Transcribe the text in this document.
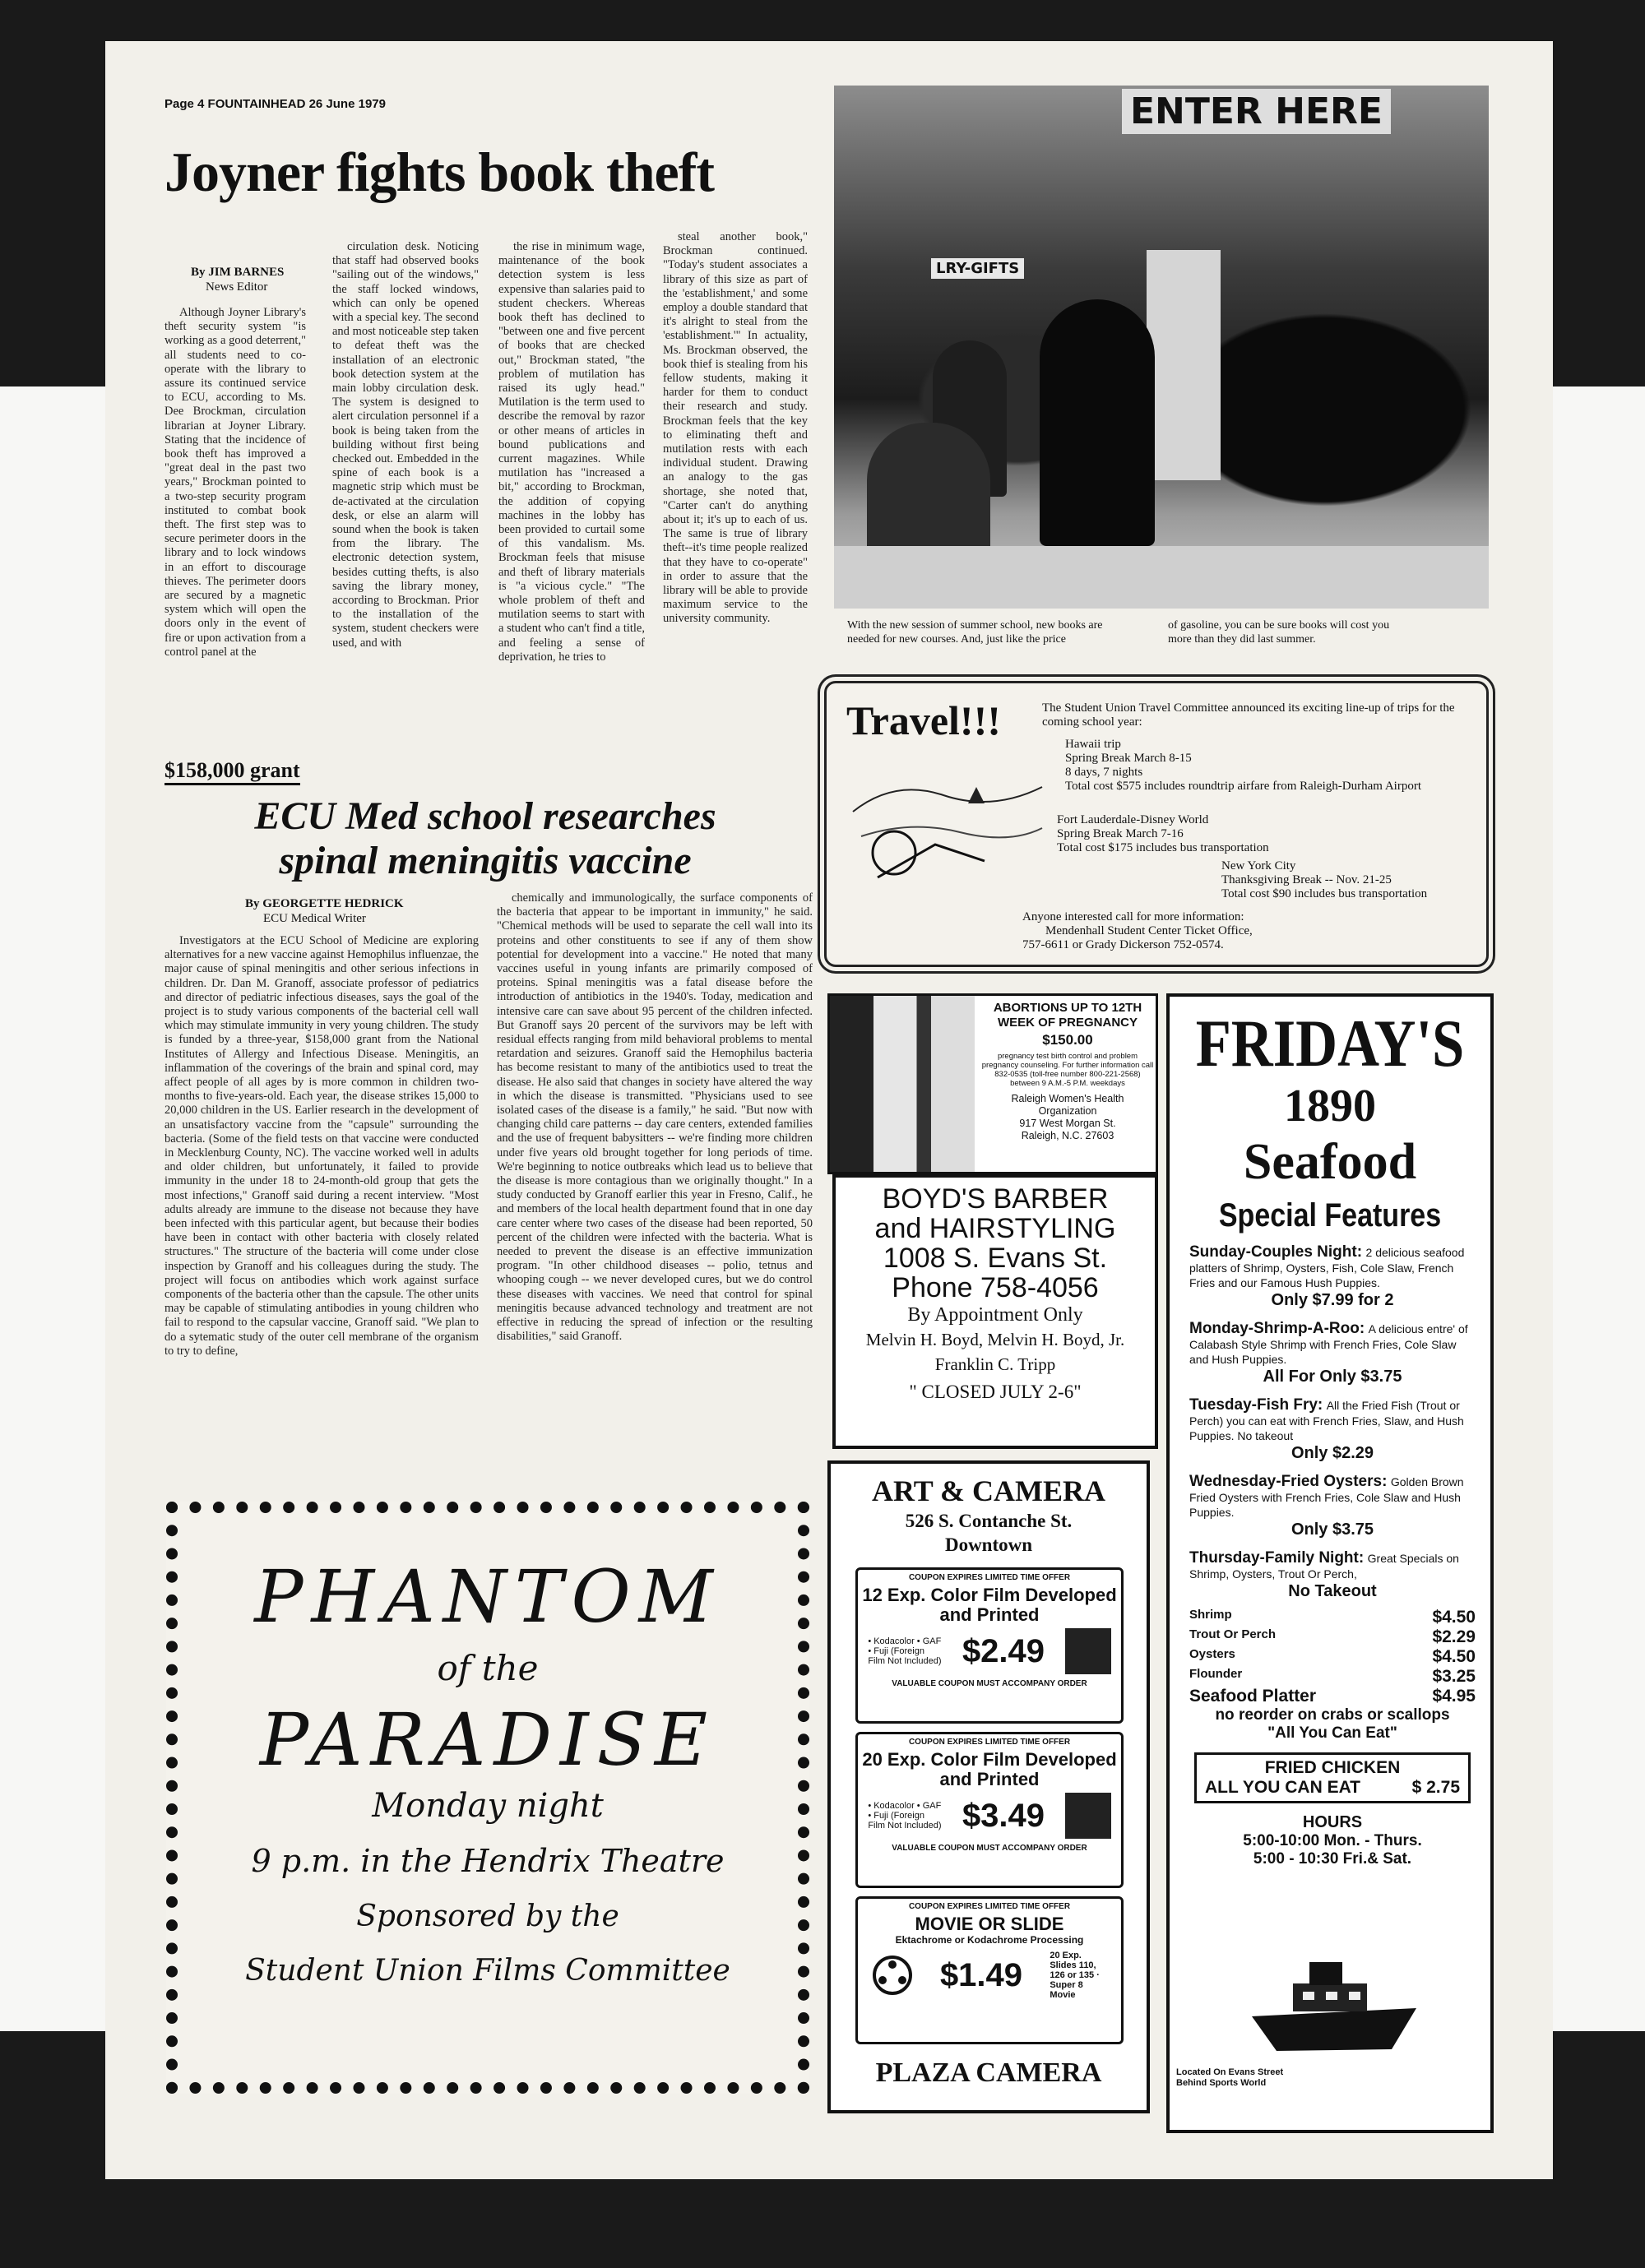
Page 4 FOUNTAINHEAD 26 June 1979
Joyner fights book theft
By JIM BARNES
News Editor

Although Joyner Library's theft security system "is working as a good deterrent," all students need to co-operate with the library to assure its continued service to ECU, according to Ms. Dee Brockman, circulation librarian at Joyner Library. Stating that the incidence of book theft has improved a "great deal in the past two years," Brockman pointed to a two-step security program instituted to combat book theft. The first step was to secure perimeter doors in the library and to lock windows in an effort to discourage thieves. The perimeter doors are secured by a magnetic system which will open the doors only in the event of fire or upon activation from a control panel at the

circulation desk. Noticing that staff had observed books "sailing out of the windows," the staff locked windows, which can only be opened with a special key. The second and most noticeable step taken to defeat theft was the installation of an electronic book detection system at the main lobby circulation desk. The system is designed to alert circulation personnel if a book is being taken from the building without first being checked out. Embedded in the spine of each book is a magnetic strip which must be de-activated at the circulation desk, or else an alarm will sound when the book is taken from the library. The electronic detection system, besides cutting thefts, is also saving the library money, according to Brockman. Prior to the installation of the system, student checkers were used, and with

the rise in minimum wage, maintenance of the book detection system is less expensive than salaries paid to student checkers. Whereas book theft has declined to "between one and five percent of books that are checked out," Brockman stated, "the problem of mutilation has raised its ugly head." Mutilation is the term used to describe the removal by razor or other means of articles in bound publications and current magazines. While mutilation has "increased a bit," according to Brockman, the addition of copying machines in the lobby has been provided to curtail some of this vandalism. Ms. Brockman feels that misuse and theft of library materials is "a vicious cycle." "The whole problem of theft and mutilation seems to start with a student who can't find a title, and feeling a sense of deprivation, he tries to

steal another book," Brockman continued. "Today's student associates a library of this size as part of the 'establishment,' and some employ a double standard that it's alright to steal from the 'establishment.'" In actuality, Ms. Brockman observed, the book thief is stealing from his fellow students, making it harder for them to conduct their research and study. Brockman feels that the key to eliminating theft and mutilation rests with each individual student. Drawing an analogy to the gas shortage, she noted that, "Carter can't do anything about it; it's up to each of us. The same is true of library theft--it's time people realized that they have to co-operate" in order to assure that the library will be able to provide maximum service to the university community.

ENTER HERE
LRY-GIFTS
With the new session of summer school, new books are needed for new courses. And, just like the price
of gasoline, you can be sure books will cost you more than they did last summer.
$158,000 grant
ECU Med school researches
spinal meningitis vaccine
By GEORGETTE HEDRICK
ECU Medical Writer

Investigators at the ECU School of Medicine are exploring alternatives for a new vaccine against Hemophilus influenzae, the major cause of spinal meningitis and other serious infections in children. Dr. Dan M. Granoff, associate professor of pediatrics and director of pediatric infectious diseases, says the goal of the project is to study various components of the bacterial cell wall which may stimulate immunity in very young children. The study is funded by a three-year, $158,000 grant from the National Institutes of Allergy and Infectious Disease. Meningitis, an inflammation of the coverings of the brain and spinal cord, may affect people of all ages by is more common in children two-months to five-years-old. Each year, the disease strikes 15,000 to 20,000 children in the US. Earlier research in the development of an unsatisfactory vaccine from the "capsule" surrounding the bacteria. (Some of the field tests on that vaccine were conducted in Mecklenburg County, NC). The vaccine worked well in adults and older children, but unfortunately, it failed to provide immunity in the under 18 to 24-month-old group that gets the most infections," Granoff said during a recent interview. "Most adults already are immune to the disease not because they have been infected with this particular agent, but because their bodies have been in contact with other bacteria with closely related structures." The structure of the bacteria will come under close inspection by Granoff and his colleagues during the study. The project will focus on antibodies which work against surface components of the bacteria other than the capsule. The other units may be capable of stimulating antibodies in young children who fail to respond to the capsular vaccine, Granoff said. "We plan to do a sytematic study of the outer cell membrane of the organism to try to define,

chemically and immunologically, the surface components of the bacteria that appear to be important in immunity," he said. "Chemical methods will be used to separate the cell wall into its proteins and other constituents to see if any of them show potential for development into a vaccine." He noted that many vaccines useful in young infants are primarily composed of proteins. Spinal meningitis was a fatal disease before the introduction of antibiotics in the 1940's. Today, medication and intensive care can save about 95 percent of the children infected. But Granoff says 20 percent of the survivors may be left with residual effects ranging from mild behavioral problems to mental retardation and seizures. Granoff said the Hemophilus bacteria has become resistant to many of the antibiotics used to treat the disease. He also said that changes in society have altered the way in which the disease is transmitted. "Physicians used to see isolated cases of the disease is a family," he said. "But now with changing child care patterns -- day care centers, extended families and the use of frequent babysitters -- we're finding more children under five years old brought together for long periods of time. We're beginning to notice outbreaks which lead us to believe that the disease is more contagious than we originally thought." In a study conducted by Granoff earlier this year in Fresno, Calif., he and members of the local health department found that in one day care center where two cases of the disease had been reported, 50 percent of the children were infected with the bacteria. What is needed to prevent the disease is an effective immunization program. "In other childhood diseases -- polio, tetnus and whooping cough -- we never developed cures, but we do control these diseases with vaccines. We need that control for spinal meningitis because advanced technology and treatment are not effective in reducing the spread of infection or the resulting disabilities," said Granoff.

Travel!!!	The Student Union Travel Committee announced its exciting line-up of trips for the coming school year:
Hawaii trip
Spring Break March 8-15
8 days, 7 nights
Total cost $575 includes roundtrip airfare from Raleigh-Durham Airport
Fort Lauderdale-Disney World
Spring Break March 7-16
Total cost $175 includes bus transportation
New York City
Thanksgiving Break -- Nov. 21-25
Total cost $90 includes bus transportation
Anyone interested call for more information:
Mendenhall Student Center Ticket Office,
757-6611 or Grady Dickerson 752-0574.
ABORTIONS UP TO 12TH WEEK OF PREGNANCY
$150.00
pregnancy test birth control and problem pregnancy counseling. For further information call 832-0535 (toll-free number 800-221-2568) between 9 A.M.-5 P.M. weekdays
Raleigh Women's Health Organization
917 West Morgan St.
Raleigh, N.C. 27603
BOYD'S BARBER
and HAIRSTYLING
1008 S. Evans St.
Phone 758-4056
By Appointment Only
Melvin H. Boyd, Melvin H. Boyd, Jr.
Franklin C. Tripp
" CLOSED JULY 2-6"
FRIDAY'S
1890
Seafood
Special Features
Sunday-Couples Night: 2 delicious seafood platters of Shrimp, Oysters, Fish, Cole Slaw, French Fries and our Famous Hush Puppies.
Only $7.99 for 2
Monday-Shrimp-A-Roo: A delicious entre' of Calabash Style Shrimp with French Fries, Cole Slaw and Hush Puppies.
All For Only $3.75
Tuesday-Fish Fry: All the Fried Fish (Trout or Perch) you can eat with French Fries, Slaw, and Hush Puppies. No takeout
Only $2.29
Wednesday-Fried Oysters: Golden Brown Fried Oysters with French Fries, Cole Slaw and Hush Puppies.
Only $3.75
Thursday-Family Night: Great Specials on Shrimp, Oysters, Trout Or Perch,
No Takeout
Shrimp	$4.50
Trout Or Perch	$2.29
Oysters	$4.50
Flounder	$3.25
Seafood Platter	$4.95
no reorder on crabs or scallops
"All You Can Eat"
FRIED CHICKEN
ALL YOU CAN EAT	$ 2.75
HOURS
5:00-10:00 Mon. - Thurs.
5:00 - 10:30 Fri.& Sat.
Located On Evans Street
Behind Sports World
ART & CAMERA
526 S. Contanche St.
Downtown
COUPON EXPIRES LIMITED TIME OFFER
12 Exp. Color Film Developed and Printed
• Kodacolor • GAF • Fuji (Foreign Film Not Included) $2.49
VALUABLE COUPON MUST ACCOMPANY ORDER
COUPON EXPIRES LIMITED TIME OFFER
20 Exp. Color Film Developed and Printed
• Kodacolor • GAF • Fuji (Foreign Film Not Included) $3.49
VALUABLE COUPON MUST ACCOMPANY ORDER
COUPON EXPIRES LIMITED TIME OFFER
MOVIE OR SLIDE
Ektachrome or Kodachrome Processing
$1.49
20 Exp. Slides 110, 126 or 135 · Super 8 Movie
PLAZA CAMERA
PHANTOM
of the
PARADISE
Monday night
9 p.m. in the Hendrix Theatre
Sponsored by the
Student Union Films Committee
